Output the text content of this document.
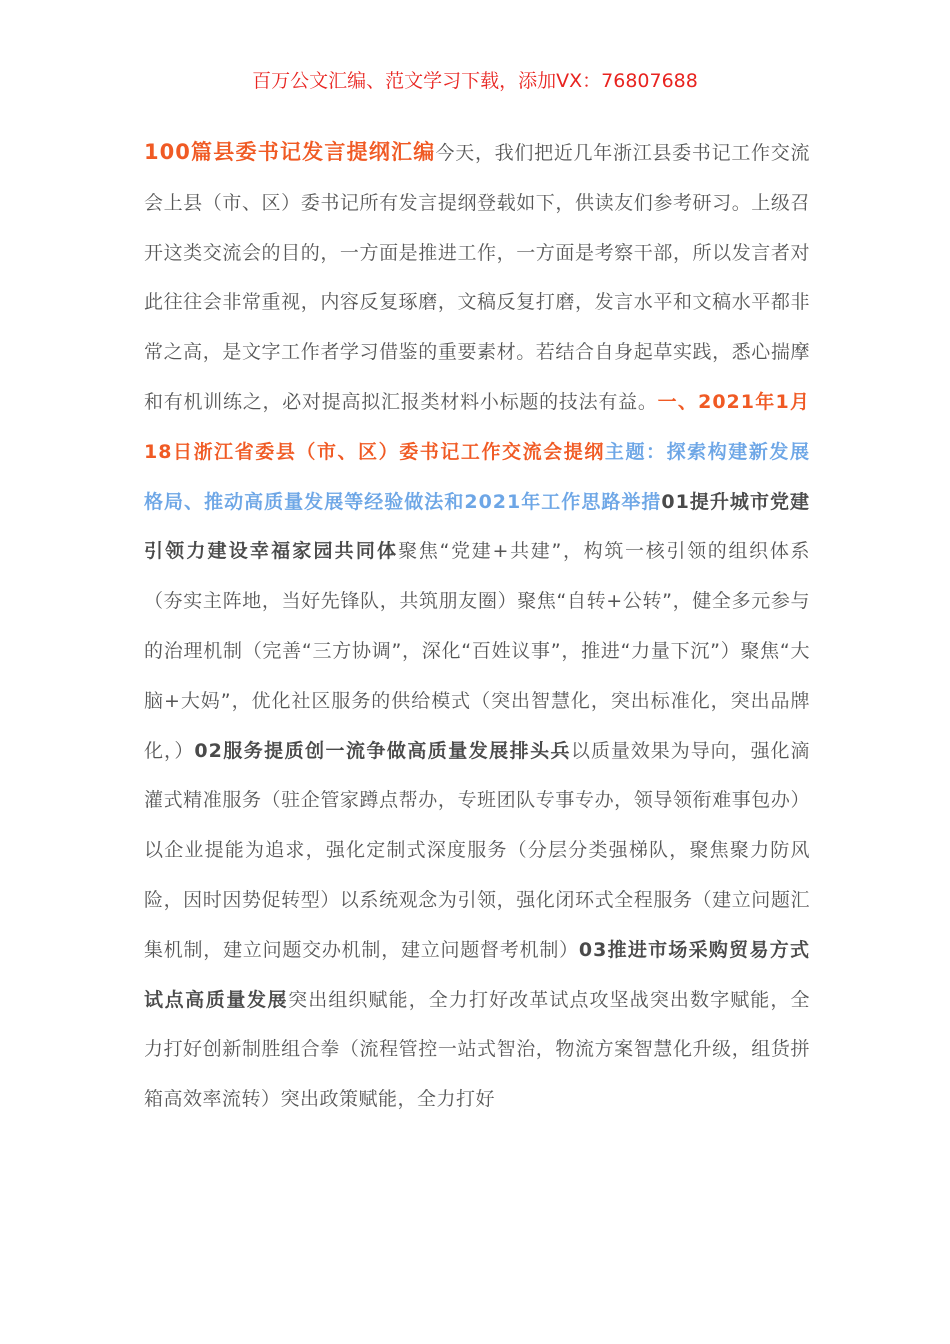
百万公文汇编、范文学习下载，添加VX：76807688
100篇县委书记发言提纲汇编今天，我们把近几年浙江县委书记工作交流会上县（市、区）委书记所有发言提纲登载如下，供读友们参考研习。上级召开这类交流会的目的，一方面是推进工作，一方面是考察干部，所以发言者对此往往会非常重视，内容反复琢磨，文稿反复打磨，发言水平和文稿水平都非常之高，是文字工作者学习借鉴的重要素材。若结合自身起草实践，悉心揣摩和有机训练之，必对提高拟汇报类材料小标题的技法有益。一、2021年1月18日浙江省委县（市、区）委书记工作交流会提纲主题：探索构建新发展格局、推动高质量发展等经验做法和2021年工作思路举措01提升城市党建引领力建设幸福家园共同体聚焦“党建+共建”，构筑一核引领的组织体系（夯实主阵地，当好先锋队，共筑朋友圈）聚焦“自转+公转”，健全多元参与的治理机制（完善“三方协调”，深化“百姓议事”，推进“力量下沉”）聚焦“大脑+大妈”，优化社区服务的供给模式（突出智慧化，突出标准化，突出品牌化，）02服务提质创一流争做高质量发展排头兵以质量效果为导向，强化滴灌式精准服务（驻企管家蹲点帮办，专班团队专事专办，领导领衔难事包办）以企业提能为追求，强化定制式深度服务（分层分类强梯队，聚焦聚力防风险，因时因势促转型）以系统观念为引领，强化闭环式全程服务（建立问题汇集机制，建立问题交办机制，建立问题督考机制）03推进市场采购贸易方式试点高质量发展突出组织赋能，全力打好改革试点攻坚战突出数字赋能，全力打好创新制胜组合拳（流程管控一站式智治，物流方案智慧化升级，组货拼箱高效率流转）突出政策赋能，全力打好
